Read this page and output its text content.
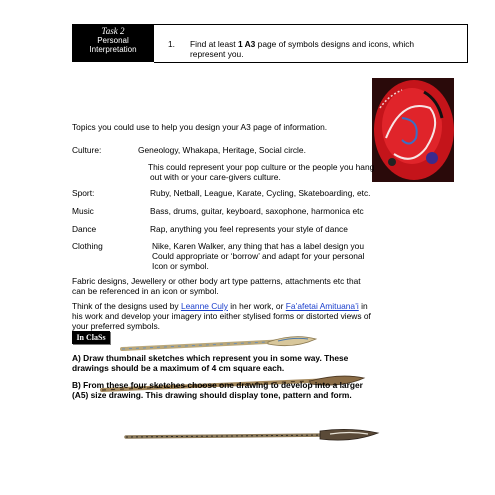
Task 2
Personal
Interpretation
1. Find at least 1 A3 page of symbols designs and icons, which
represent you.
Topics you could use to help you design your A3 page of information.
Culture:	Geneology, Whakapa, Heritage, Social circle.
This could represent your pop culture or the people you hang
out with or your care-givers culture.
Sport:	Ruby, Netball, League, Karate, Cycling, Skateboarding, etc.
Music	Bass, drums, guitar, keyboard, saxophone, harmonica etc
Dance	Rap, anything you feel represents your style of dance
Clothing	Nike, Karen Walker, any thing that has a label design you
Could appropriate or ‘borrow’ and adapt for your personal
Icon or symbol.
Fabric designs, Jewellery or other body art type patterns, attachments etc that
can be referenced in an icon or symbol.
Think of the designs used by Leanne Culy in her work, or Fa’afetai Amituana’i in
his work and develop your imagery into either stylised forms or distorted views of
your preferred symbols.
In ClaSs
A) Draw thumbnail sketches which represent you in some way. These
drawings should be a maximum of 4 cm square each.
B) From these four sketches choose one drawing to develop into a larger
(A5) size drawing. This drawing should display tone, pattern and form.
